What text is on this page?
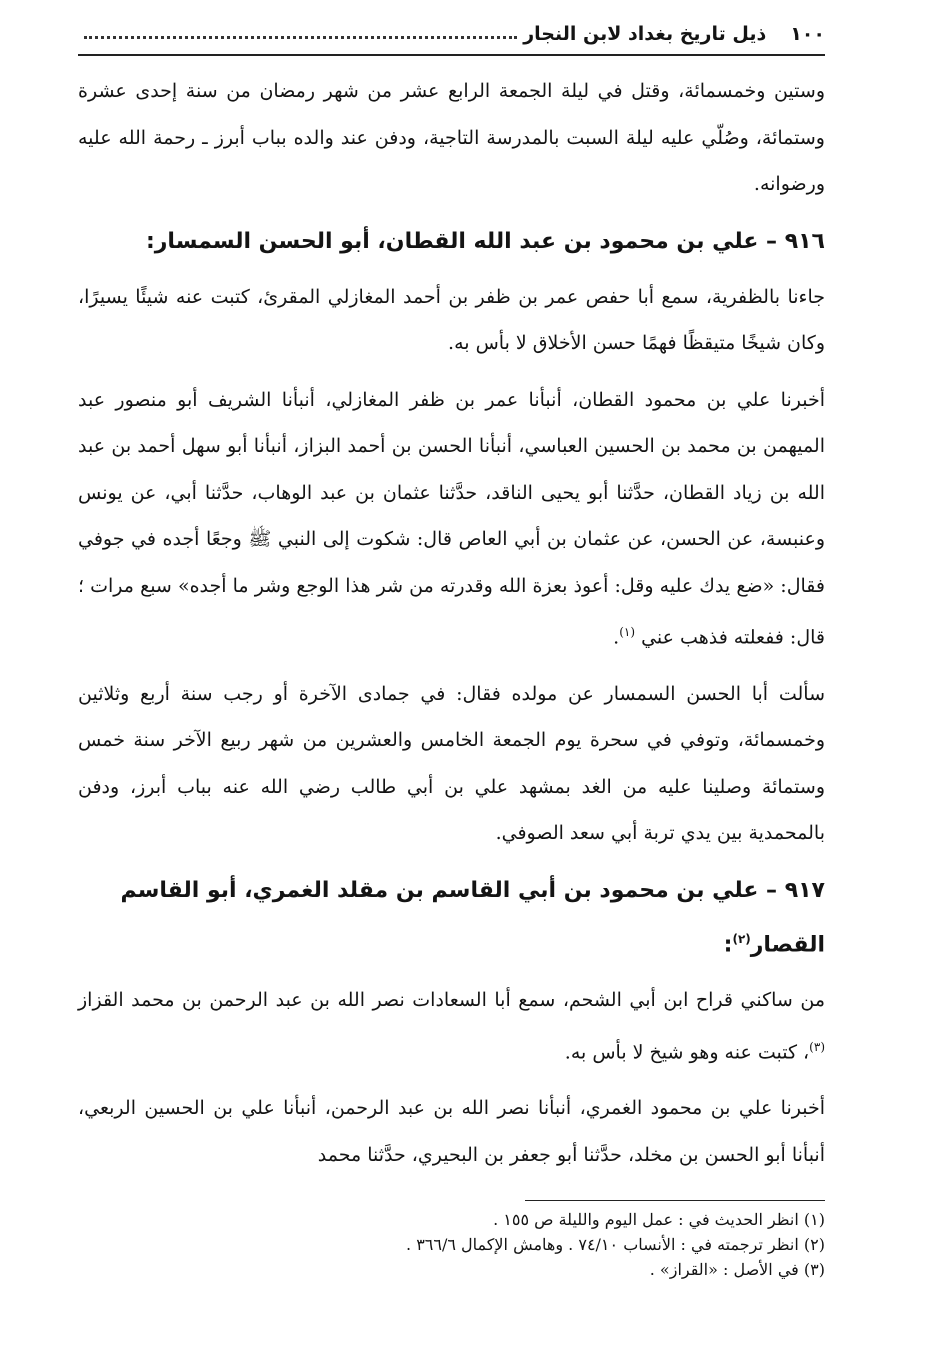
١٠٠
ذيل تاريخ بغداد لابن النجار

وستين وخمسمائة، وقتل في ليلة الجمعة الرابع عشر من شهر رمضان من سنة إحدى عشرة وستمائة، وصُلّي عليه ليلة السبت بالمدرسة التاجية، ودفن عند والده بباب أبرز ـ رحمة الله عليه ورضوانه.

٩١٦ – علي بن محمود بن عبد الله القطان، أبو الحسن السمسار:

جاءنا بالظفرية، سمع أبا حفص عمر بن ظفر بن أحمد المغازلي المقرئ، كتبت عنه شيئًا يسيرًا، وكان شيخًا متيقظًا فهمًا حسن الأخلاق لا بأس به.

أخبرنا علي بن محمود القطان، أنبأنا عمر بن ظفر المغازلي، أنبأنا الشريف أبو منصور عبد الميهمن بن محمد بن الحسين العباسي، أنبأنا الحسن بن أحمد البزاز، أنبأنا أبو سهل أحمد بن عبد الله بن زياد القطان، حدَّثنا أبو يحيى الناقد، حدَّثنا عثمان بن عبد الوهاب، حدَّثنا أبي، عن يونس وعنبسة، عن الحسن، عن عثمان بن أبي العاص قال: شكوت إلى النبي ﷺ وجعًا أجده في جوفي فقال: «ضع يدك عليه وقل: أعوذ بعزة الله وقدرته من شر هذا الوجع وشر ما أجده» سبع مرات ؛ قال: ففعلته فذهب عني $^{(١)}$.

سألت أبا الحسن السمسار عن مولده فقال: في جمادى الآخرة أو رجب سنة أربع وثلاثين وخمسمائة، وتوفي في سحرة يوم الجمعة الخامس والعشرين من شهر ربيع الآخر سنة خمس وستمائة وصلينا عليه من الغد بمشهد علي بن أبي طالب رضي الله عنه بباب أبرز، ودفن بالمحمدية بين يدي تربة أبي سعد الصوفي.

٩١٧ – علي بن محمود بن أبي القاسم بن مقلد الغمري، أبو القاسم القصار$^{(٢)}$:

من ساكني قراح ابن أبي الشحم، سمع أبا السعادات نصر الله بن عبد الرحمن بن محمد القزاز $^{(٣)}$، كتبت عنه وهو شيخ لا بأس به.

أخبرنا علي بن محمود الغمري، أنبأنا نصر الله بن عبد الرحمن، أنبأنا علي بن الحسين الربعي، أنبأنا أبو الحسن بن مخلد، حدَّثنا أبو جعفر بن البحيري، حدَّثنا محمد

(١) انظر الحديث في : عمل اليوم والليلة ص ١٥٥ .

(٢) انظر ترجمته في : الأنساب ٧٤/١٠ . وهامش الإكمال ٣٦٦/٦ .

(٣) في الأصل : «القراز» .
